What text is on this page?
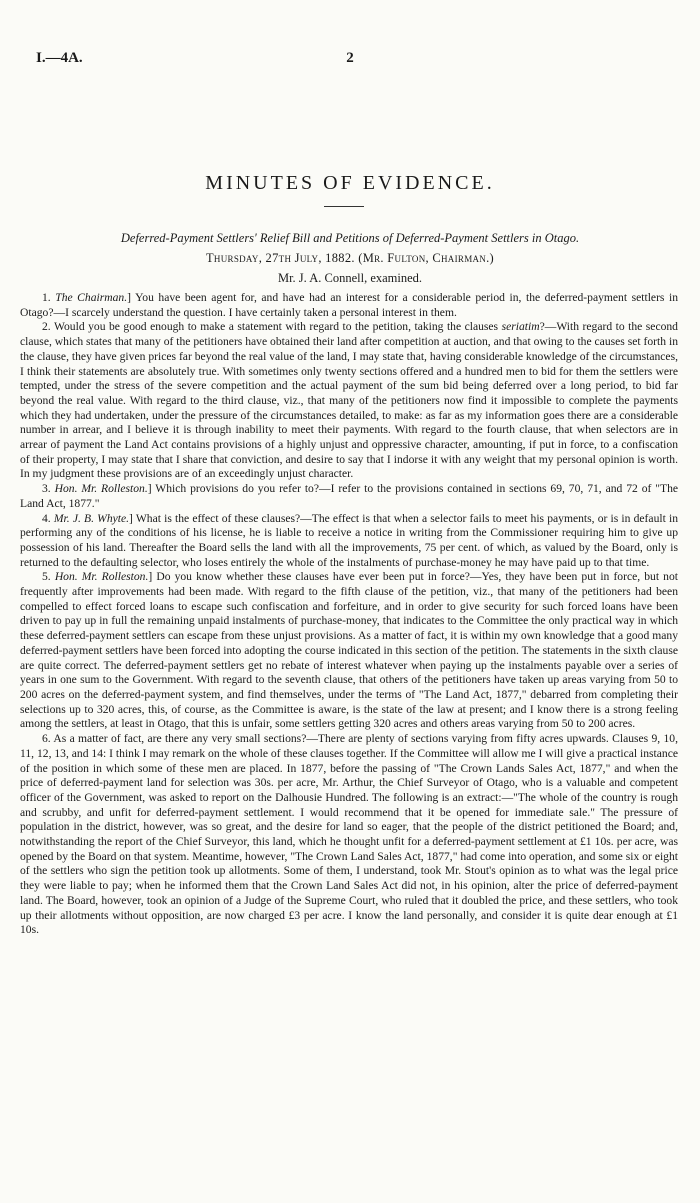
I.—4A.	2
MINUTES OF EVIDENCE.
Deferred-Payment Settlers' Relief Bill and Petitions of Deferred-Payment Settlers in Otago.
Thursday, 27th July, 1882. (Mr. Fulton, Chairman.)
Mr. J. A. Connell, examined.

1. The Chairman.] You have been agent for, and have had an interest for a considerable period in, the deferred-payment settlers in Otago?—I scarcely understand the question. I have certainly taken a personal interest in them.

2. Would you be good enough to make a statement with regard to the petition, taking the clauses seriatim?—With regard to the second clause, which states that many of the petitioners have obtained their land after competition at auction, and that owing to the causes set forth in the clause, they have given prices far beyond the real value of the land, I may state that, having considerable knowledge of the circumstances, I think their statements are absolutely true. With sometimes only twenty sections offered and a hundred men to bid for them the settlers were tempted, under the stress of the severe competition and the actual payment of the sum bid being deferred over a long period, to bid far beyond the real value. With regard to the third clause, viz., that many of the petitioners now find it impossible to complete the payments which they had undertaken, under the pressure of the circumstances detailed, to make: as far as my information goes there are a considerable number in arrear, and I believe it is through inability to meet their payments. With regard to the fourth clause, that when selectors are in arrear of payment the Land Act contains provisions of a highly unjust and oppressive character, amounting, if put in force, to a confiscation of their property, I may state that I share that conviction, and desire to say that I indorse it with any weight that my personal opinion is worth. In my judgment these provisions are of an exceedingly unjust character.

3. Hon. Mr. Rolleston.] Which provisions do you refer to?—I refer to the provisions contained in sections 69, 70, 71, and 72 of "The Land Act, 1877."

4. Mr. J. B. Whyte.] What is the effect of these clauses?—The effect is that when a selector fails to meet his payments, or is in default in performing any of the conditions of his license, he is liable to receive a notice in writing from the Commissioner requiring him to give up possession of his land. Thereafter the Board sells the land with all the improvements, 75 per cent. of which, as valued by the Board, only is returned to the defaulting selector, who loses entirely the whole of the instalments of purchase-money he may have paid up to that time.

5. Hon. Mr. Rolleston.] Do you know whether these clauses have ever been put in force?—Yes, they have been put in force, but not frequently after improvements had been made. With regard to the fifth clause of the petition, viz., that many of the petitioners had been compelled to effect forced loans to escape such confiscation and forfeiture, and in order to give security for such forced loans have been driven to pay up in full the remaining unpaid instalments of purchase-money, that indicates to the Committee the only practical way in which these deferred-payment settlers can escape from these unjust provisions. As a matter of fact, it is within my own knowledge that a good many deferred-payment settlers have been forced into adopting the course indicated in this section of the petition. The statements in the sixth clause are quite correct. The deferred-payment settlers get no rebate of interest whatever when paying up the instalments payable over a series of years in one sum to the Government. With regard to the seventh clause, that others of the petitioners have taken up areas varying from 50 to 200 acres on the deferred-payment system, and find themselves, under the terms of "The Land Act, 1877," debarred from completing their selections up to 320 acres, this, of course, as the Committee is aware, is the state of the law at present; and I know there is a strong feeling among the settlers, at least in Otago, that this is unfair, some settlers getting 320 acres and others areas varying from 50 to 200 acres.

6. As a matter of fact, are there any very small sections?—There are plenty of sections varying from fifty acres upwards. Clauses 9, 10, 11, 12, 13, and 14: I think I may remark on the whole of these clauses together. If the Committee will allow me I will give a practical instance of the position in which some of these men are placed. In 1877, before the passing of "The Crown Lands Sales Act, 1877," and when the price of deferred-payment land for selection was 30s. per acre, Mr. Arthur, the Chief Surveyor of Otago, who is a valuable and competent officer of the Government, was asked to report on the Dalhousie Hundred. The following is an extract:—"The whole of the country is rough and scrubby, and unfit for deferred-payment settlement. I would recommend that it be opened for immediate sale." The pressure of population in the district, however, was so great, and the desire for land so eager, that the people of the district petitioned the Board; and, notwithstanding the report of the Chief Surveyor, this land, which he thought unfit for a deferred-payment settlement at £1 10s. per acre, was opened by the Board on that system. Meantime, however, "The Crown Land Sales Act, 1877," had come into operation, and some six or eight of the settlers who sign the petition took up allotments. Some of them, I understand, took Mr. Stout's opinion as to what was the legal price they were liable to pay; when he informed them that the Crown Land Sales Act did not, in his opinion, alter the price of deferred-payment land. The Board, however, took an opinion of a Judge of the Supreme Court, who ruled that it doubled the price, and these settlers, who took up their allotments without opposition, are now charged £3 per acre. I know the land personally, and consider it is quite dear enough at £1 10s.
